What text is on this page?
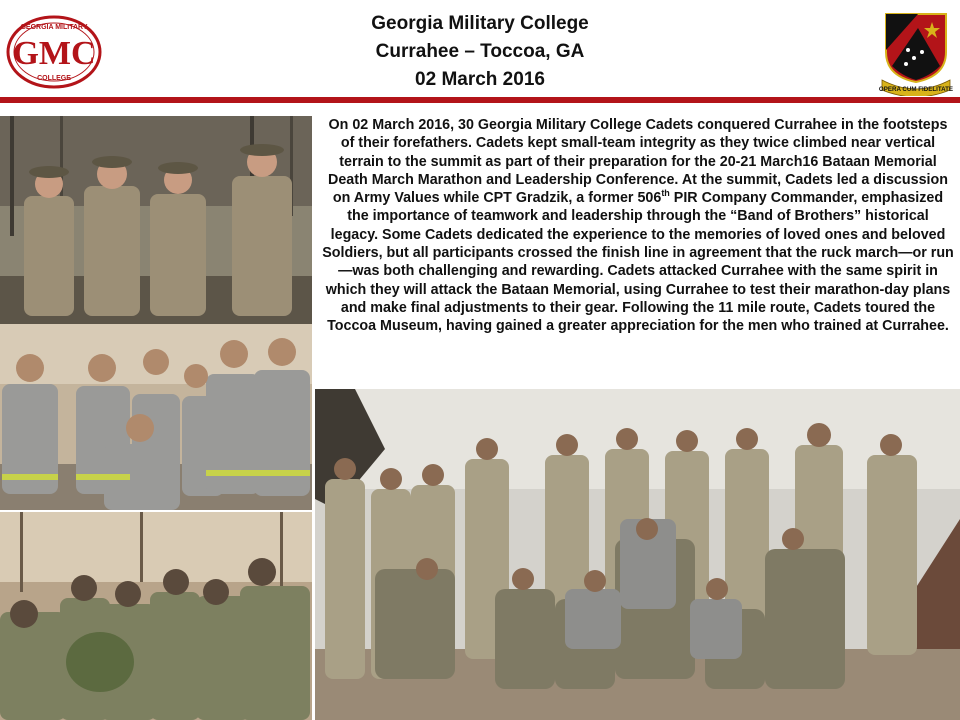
GEORGIA MILITARY
GMC
COLLEGE
Georgia Military College
Currahee – Toccoa, GA
02 March 2016	OPERA CUM FIDELITATE
On 02 March 2016, 30 Georgia Military College Cadets conquered Currahee in the footsteps of their forefathers. Cadets kept small-team integrity as they twice climbed near vertical terrain to the summit as part of their preparation for the 20-21 March16 Bataan Memorial Death March Marathon and Leadership Conference. At the summit, Cadets led a discussion on Army Values while CPT Gradzik, a former 506th PIR Company Commander, emphasized the importance of teamwork and leadership through the “Band of Brothers” historical legacy. Some Cadets dedicated the experience to the memories of loved ones and beloved Soldiers, but all participants crossed the finish line in agreement that the ruck march—or run—was both challenging and rewarding. Cadets attacked Currahee with the same spirit in which they will attack the Bataan Memorial, using Currahee to test their marathon-day plans and make final adjustments to their gear. Following the 11 mile route, Cadets toured the Toccoa Museum, having gained a greater appreciation for the men who trained at Currahee.
